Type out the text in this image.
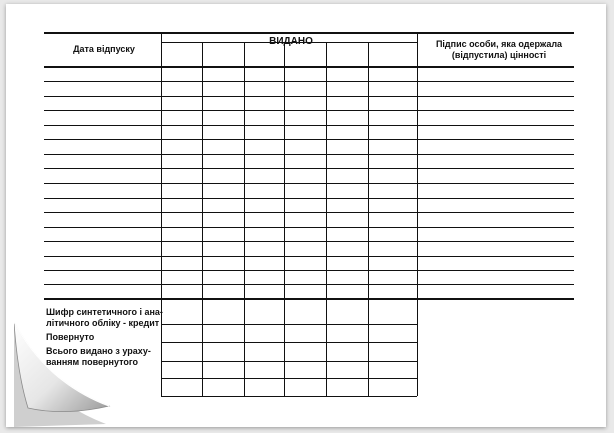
Дата відпуску
ВИДАНО	Підпис особи, яка одержала
(відпустила) цінності
Шифр синтетичного і ана-
літичного обліку - кредит
Повернуто
Всього видано з ураху-
ванням повернутого
